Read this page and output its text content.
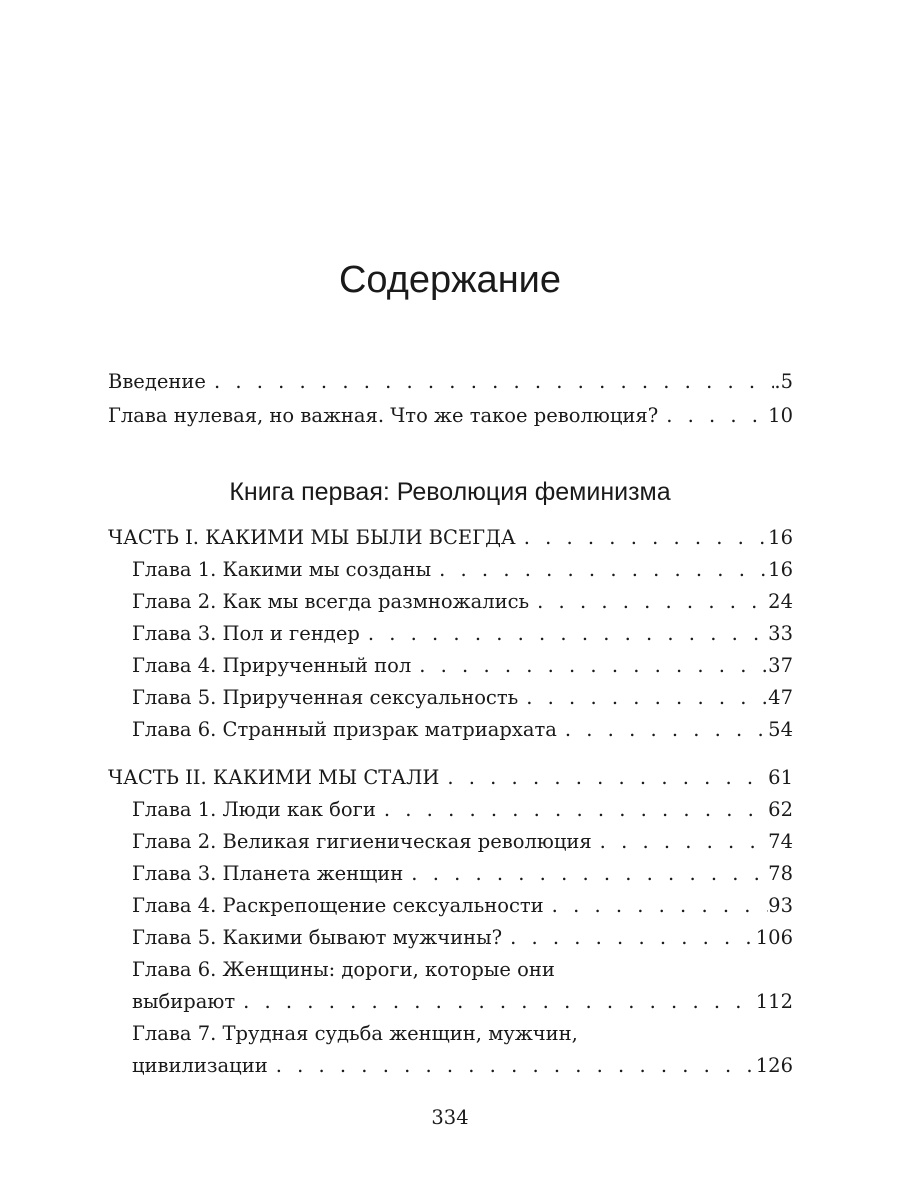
Содержание
Введение . . .	.5
Глава нулевая, но важная. Что же такое революция? . . .	10
Книга первая: Революция феминизма
ЧАСТЬ I. КАКИМИ МЫ БЫЛИ ВСЕГДА . . .	16
Глава 1. Какими мы созданы . . .	16
Глава 2. Как мы всегда размножались . . .	24
Глава 3. Пол и гендер . . .	33
Глава 4. Прирученный пол . . .	37
Глава 5. Прирученная сексуальность . . .	47
Глава 6. Странный призрак матриархата . . .	54
ЧАСТЬ II. КАКИМИ МЫ СТАЛИ . . .	61
Глава 1. Люди как боги . . .	62
Глава 2. Великая гигиеническая революция . . .	74
Глава 3. Планета женщин . . .	78
Глава 4. Раскрепощение сексуальности . . .	93
Глава 5. Какими бывают мужчины? . . .	106
Глава 6. Женщины: дороги, которые они
выбирают . . .	112
Глава 7. Трудная судьба женщин, мужчин,
цивилизации . . .	126
334
